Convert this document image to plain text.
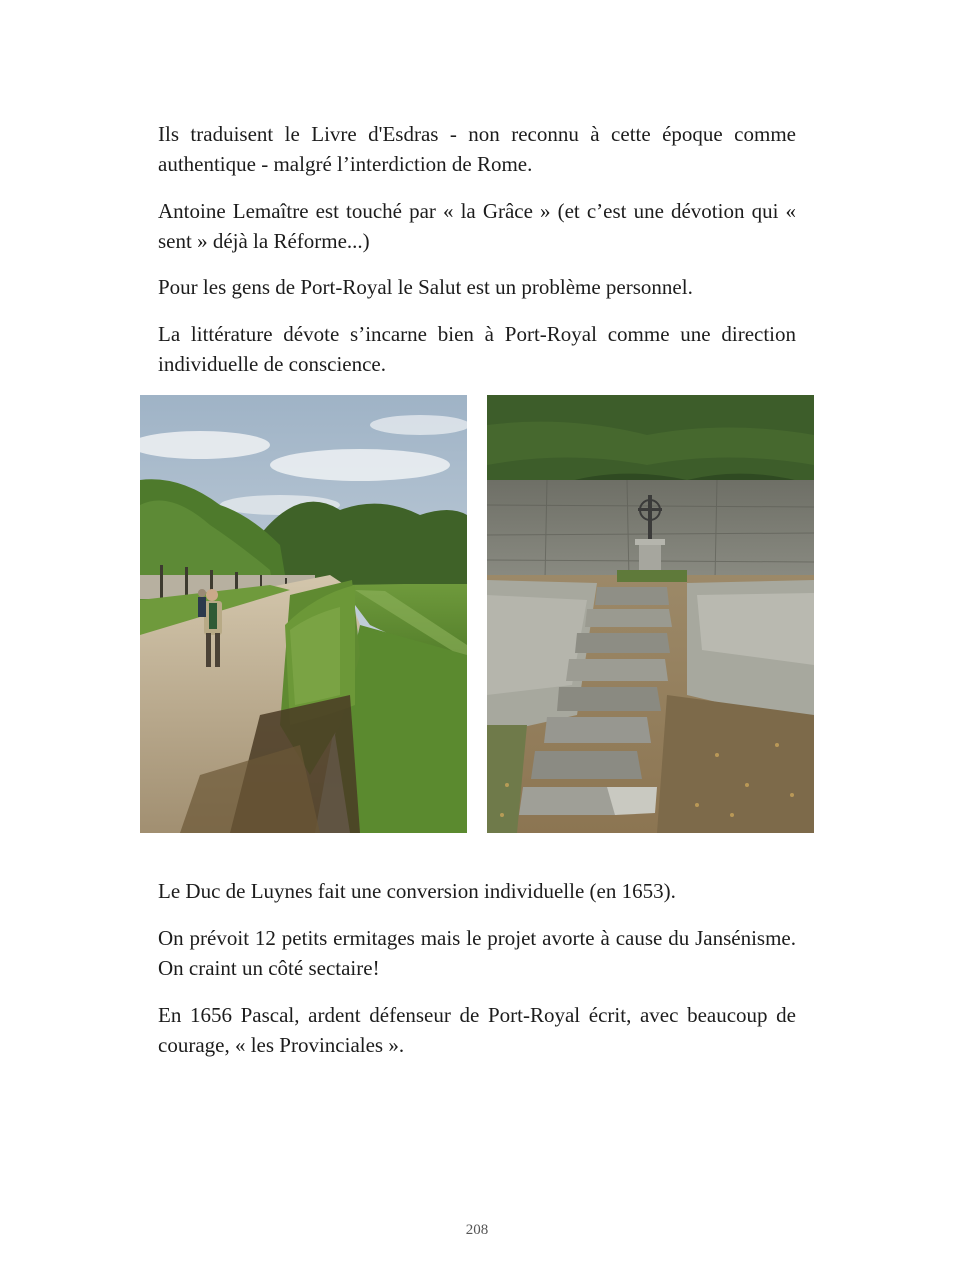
Ils traduisent le Livre d'Esdras - non reconnu à cette époque comme authentique - malgré l’interdiction de Rome.

Antoine Lemaître est touché par « la Grâce » (et c’est une dévotion qui « sent » déjà la Réforme...)

Pour les gens de Port-Royal le Salut est un problème personnel.

La littérature dévote s’incarne bien à Port-Royal comme une direction individuelle de conscience.

Le Duc de Luynes fait une conversion individuelle (en 1653).

On prévoit 12 petits ermitages mais le projet avorte à cause du Jansénisme. On craint un côté sectaire!

En 1656 Pascal, ardent défenseur de Port-Royal écrit, avec beaucoup de courage, « les Provinciales ».

208
